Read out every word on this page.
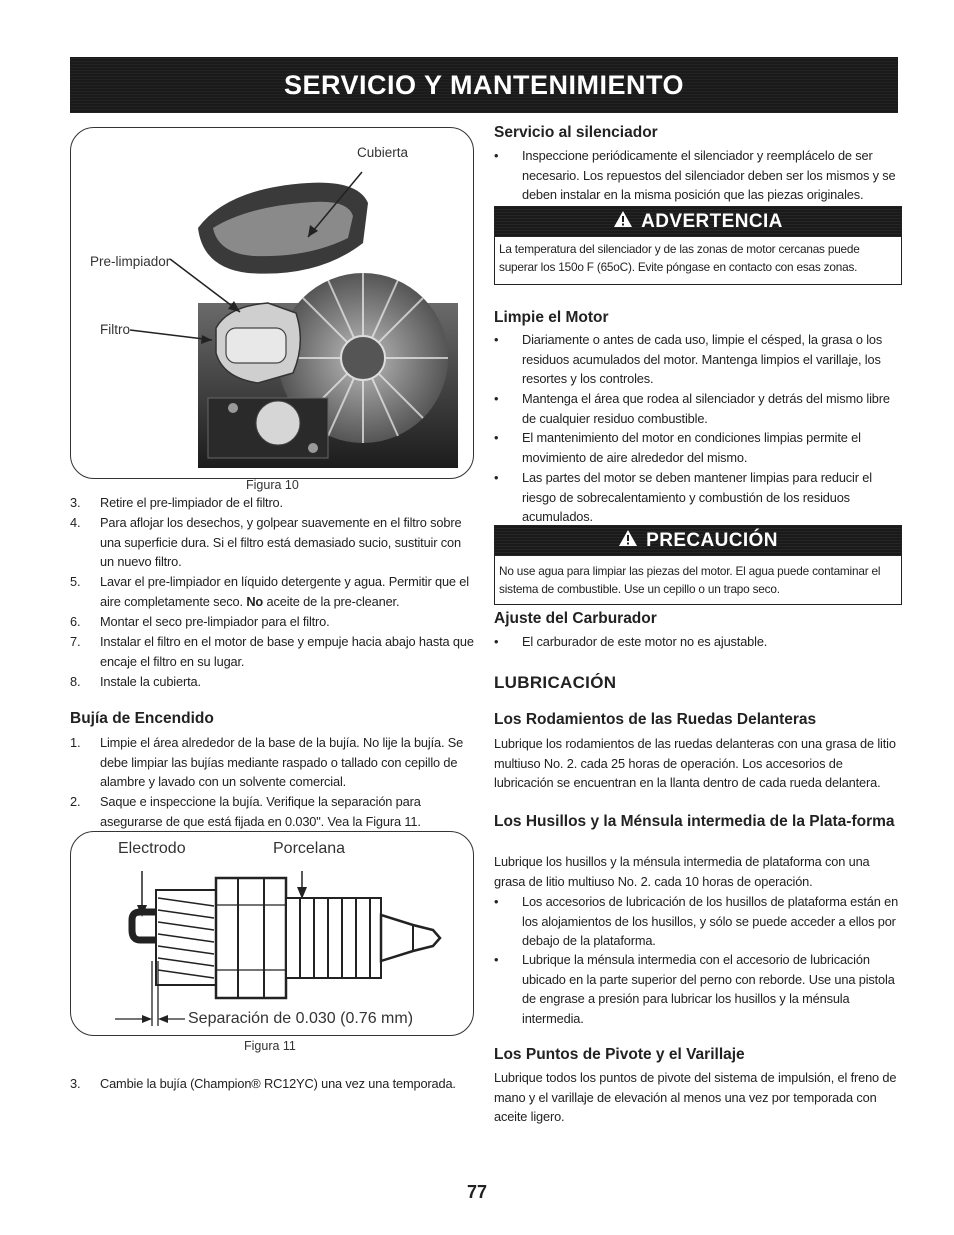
SERVICIO Y MANTENIMIENTO
Cubierta
Pre-limpiador
Filtro
Figura 10
3. Retire el pre-limpiador de el filtro.
4. Para aflojar los desechos, y golpear suavemente en el filtro sobre una superficie dura. Si el filtro está demasiado sucio, sustituir con un nuevo filtro.
5. Lavar el pre-limpiador en líquido detergente y agua. Permitir que el aire completamente seco. No aceite de la pre-cleaner.
6. Montar el seco pre-limpiador para el filtro.
7. Instalar el filtro en el motor de base y empuje hacia abajo hasta que encaje el filtro en su lugar.
8. Instale la cubierta.
Bujía de Encendido
1. Limpie el área alrededor de la base de la bujía. No lije la bujía. Se debe limpiar las bujías mediante raspado o tallado con cepillo de alambre y lavado con un solvente comercial.
2. Saque e inspeccione la bujía. Verifique la separación para asegurarse de que está fijada en 0.030". Vea la Figura 11.
Electrodo	Porcelana
Separación de 0.030 (0.76 mm)
Figura 11
3. Cambie la bujía (Champion® RC12YC) una vez una temporada.
Servicio al silenciador
• Inspeccione periódicamente el silenciador y reemplácelo de ser necesario. Los repuestos del silenciador deben ser los mismos y se deben instalar en la misma posición que las piezas originales.
ADVERTENCIA
La temperatura del silenciador y de las zonas de motor cercanas puede superar los 150o F (65oC). Evite póngase en contacto con esas zonas.
Limpie el Motor
• Diariamente o antes de cada uso, limpie el césped, la grasa o los residuos acumulados del motor. Mantenga limpios el varillaje, los resortes y los controles.
• Mantenga el área que rodea al silenciador y detrás del mismo libre de cualquier residuo combustible.
• El mantenimiento del motor en condiciones limpias permite el movimiento de aire alrededor del mismo.
• Las partes del motor se deben mantener limpias para reducir el riesgo de sobrecalentamiento y combustión de los residuos acumulados.
PRECAUCIÓN
No use agua para limpiar las piezas del motor. El agua puede contaminar el sistema de combustible. Use un cepillo o un trapo seco.
Ajuste del Carburador
• El carburador de este motor no es ajustable.
LUBRICACIÓN
Los Rodamientos de las Ruedas Delanteras
Lubrique los rodamientos de las ruedas delanteras con una grasa de litio multiuso No. 2. cada 25 horas de operación. Los accesorios de lubricación se encuentran en la llanta dentro de cada rueda delantera.
Los Husillos y la Ménsula intermedia de la Plata-forma
Lubrique los husillos y la ménsula intermedia de plataforma con una grasa de litio multiuso No. 2. cada 10 horas de operación.
• Los accesorios de lubricación de los husillos de plataforma están en los alojamientos de los husillos, y sólo se puede acceder a ellos por debajo de la plataforma.
• Lubrique la ménsula intermedia con el accesorio de lubricación ubicado en la parte superior del perno con reborde. Use una pistola de engrase a presión para lubricar los husillos y la ménsula intermedia.
Los Puntos de Pivote y el Varillaje
Lubrique todos los puntos de pivote del sistema de impulsión, el freno de mano y el varillaje de elevación al menos una vez por temporada con aceite ligero.
77
